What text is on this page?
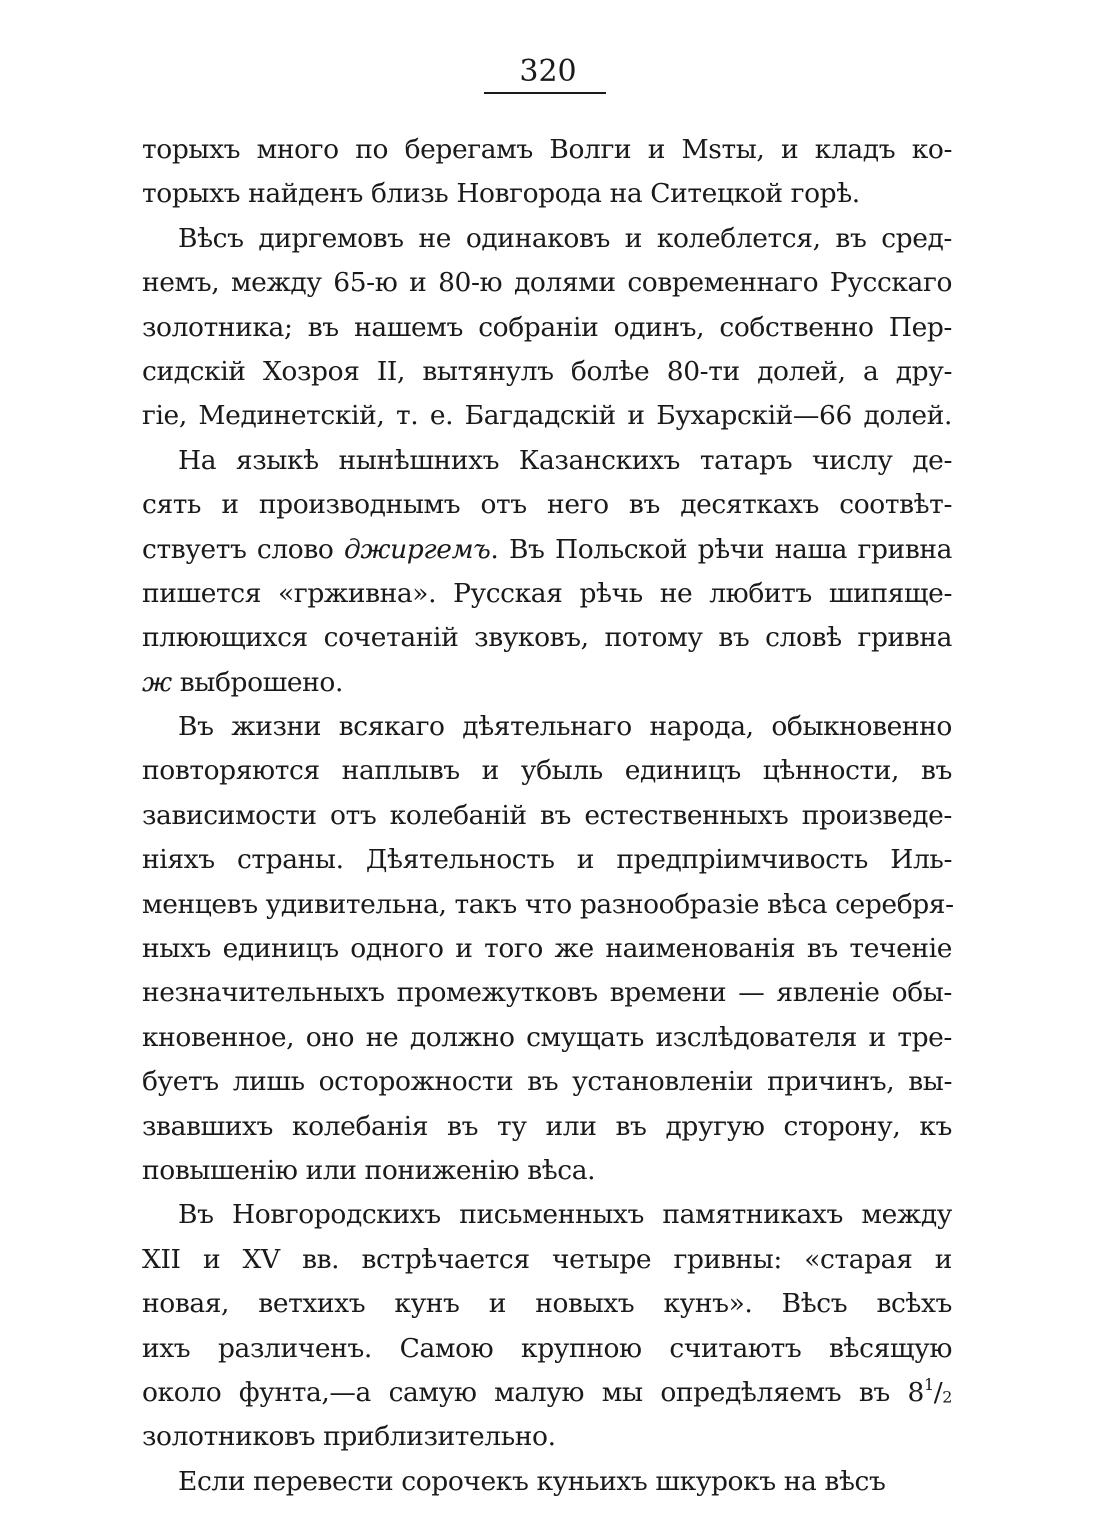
320
торыхъ много по берегамъ Волги и Msты, и кладъ ко-
торыхъ найденъ близь Новгорода на Ситецкой горѣ.
Вѣсъ диргемовъ не одинаковъ и колеблется, въ сред-
немъ, между 65-ю и 80-ю долями современнаго Русскаго
золотника; въ нашемъ собраніи одинъ, собственно Пер-
сидскій Хозроя II, вытянулъ болѣе 80-ти долей, а дру-
гіе, Мединетскій, т. е. Багдадскій и Бухарскій—66 долей.
На языкѣ нынѣшнихъ Казанскихъ татаръ числу де-
сять и производнымъ отъ него въ десяткахъ соотвѣт-
ствуетъ слово джиргемъ. Въ Польской рѣчи наша гривна
пишется «грживна». Русская рѣчь не любитъ шипяще-
плюющихся сочетаній звуковъ, потому въ словѣ гривна
ж выброшено.
Въ жизни всякаго дѣятельнаго народа, обыкновенно
повторяются наплывъ и убыль единицъ цѣнности, въ
зависимости отъ колебаній въ естественныхъ произведе-
ніяхъ страны. Дѣятельность и предпріимчивость Иль-
менцевъ удивительна, такъ что разнообразіе вѣса серебря-
ныхъ единицъ одного и того же наименованія въ теченіе
незначительныхъ промежутковъ времени — явленіе обы-
кновенное, оно не должно смущать изслѣдователя и тре-
буетъ лишь осторожности въ установленіи причинъ, вы-
звавшихъ колебанія въ ту или въ другую сторону, къ
повышенію или пониженію вѣса.
Въ Новгородскихъ письменныхъ памятникахъ между
XII и XV вв. встрѣчается четыре гривны: «старая и
новая, ветхихъ кунъ и новыхъ кунъ». Вѣсъ всѣхъ
ихъ различенъ. Самою крупною считаютъ вѣсящую
около фунта,—а самую малую мы опредѣляемъ въ $8^1/_2$
золотниковъ приблизительно.
Если перевести сорочекъ куньихъ шкурокъ на вѣсъ
